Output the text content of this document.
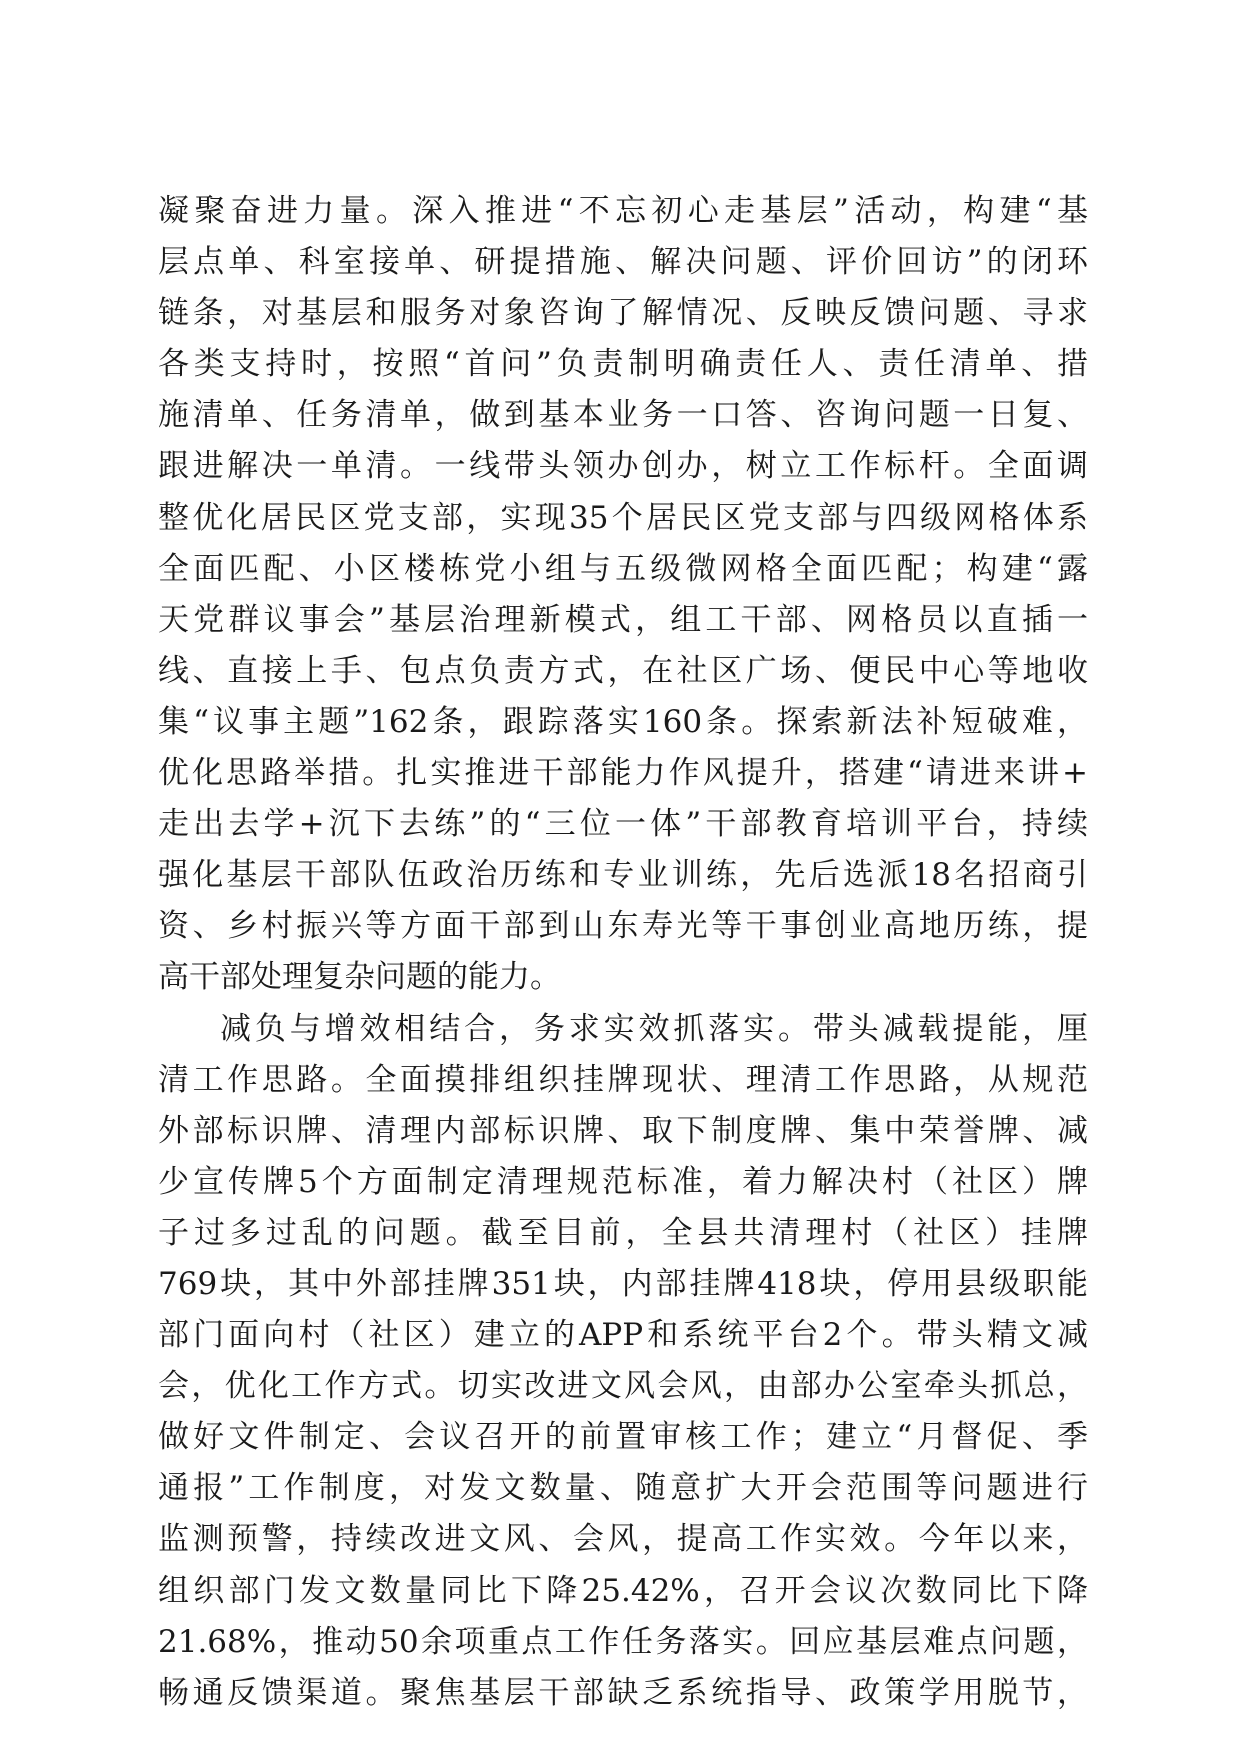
凝聚奋进力量。深入推进“不忘初心走基层”活动，构建“基
层点单、科室接单、研提措施、解决问题、评价回访”的闭环
链条，对基层和服务对象咨询了解情况、反映反馈问题、寻求
各类支持时，按照“首问”负责制明确责任人、责任清单、措
施清单、任务清单，做到基本业务一口答、咨询问题一日复、
跟进解决一单清。一线带头领办创办，树立工作标杆。全面调
整优化居民区党支部，实现35个居民区党支部与四级网格体系
全面匹配、小区楼栋党小组与五级微网格全面匹配；构建“露
天党群议事会”基层治理新模式，组工干部、网格员以直插一
线、直接上手、包点负责方式，在社区广场、便民中心等地收
集“议事主题”162条，跟踪落实160条。探索新法补短破难，
优化思路举措。扎实推进干部能力作风提升，搭建“请进来讲+
走出去学+沉下去练”的“三位一体”干部教育培训平台，持续
强化基层干部队伍政治历练和专业训练，先后选派18名招商引
资、乡村振兴等方面干部到山东寿光等干事创业高地历练，提
高干部处理复杂问题的能力。
减负与增效相结合，务求实效抓落实。带头减载提能，厘
清工作思路。全面摸排组织挂牌现状、理清工作思路，从规范
外部标识牌、清理内部标识牌、取下制度牌、集中荣誉牌、减
少宣传牌5个方面制定清理规范标准，着力解决村（社区）牌
子过多过乱的问题。截至目前，全县共清理村（社区）挂牌
769块，其中外部挂牌351块，内部挂牌418块，停用县级职能
部门面向村（社区）建立的APP和系统平台2个。带头精文减
会，优化工作方式。切实改进文风会风，由部办公室牵头抓总，
做好文件制定、会议召开的前置审核工作；建立“月督促、季
通报”工作制度，对发文数量、随意扩大开会范围等问题进行
监测预警，持续改进文风、会风，提高工作实效。今年以来，
组织部门发文数量同比下降25.42%，召开会议次数同比下降
21.68%，推动50余项重点工作任务落实。回应基层难点问题，
畅通反馈渠道。聚焦基层干部缺乏系统指导、政策学用脱节，
